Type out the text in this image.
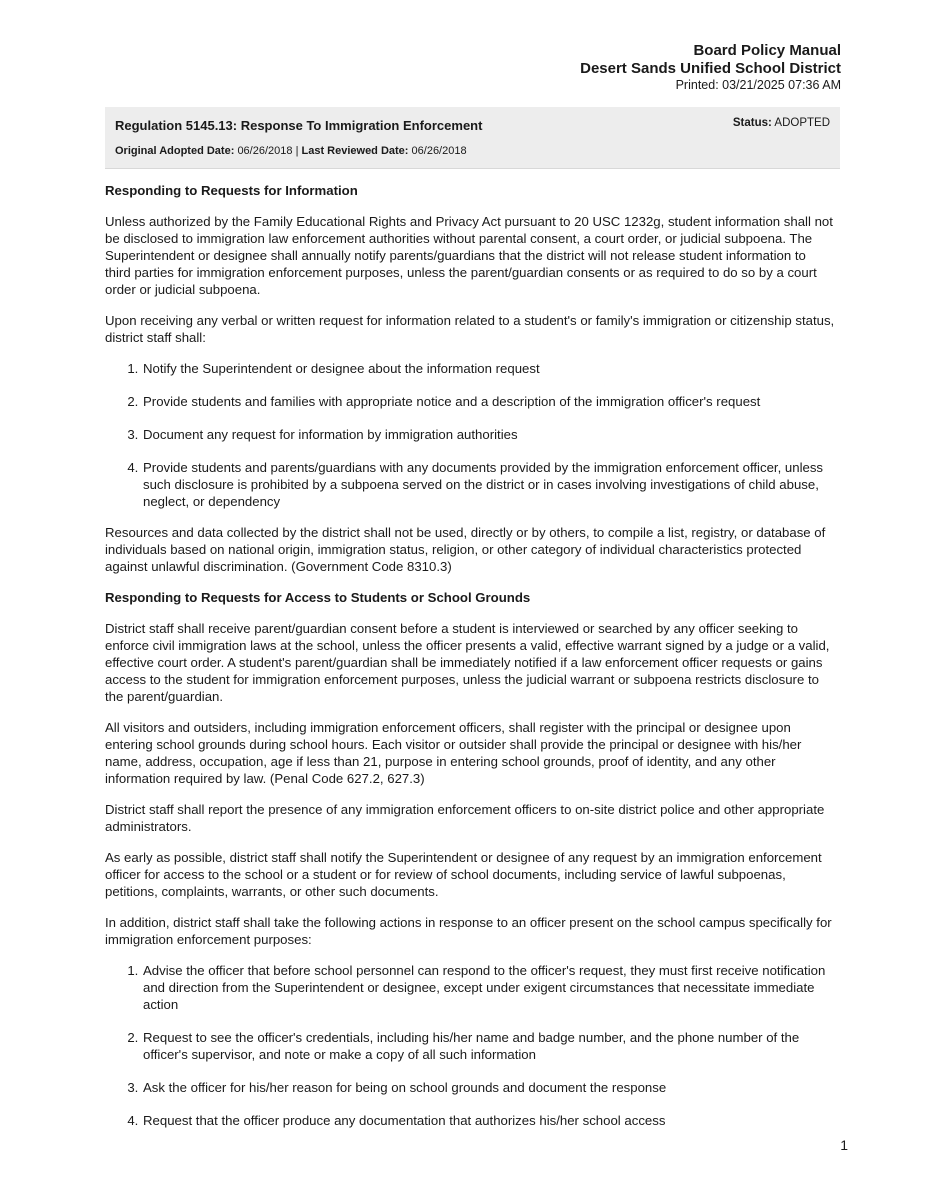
Board Policy Manual
Desert Sands Unified School District
Printed: 03/21/2025 07:36 AM
Regulation 5145.13: Response To Immigration Enforcement	Status: ADOPTED
Original Adopted Date: 06/26/2018 | Last Reviewed Date: 06/26/2018
Responding to Requests for Information

Unless authorized by the Family Educational Rights and Privacy Act pursuant to 20 USC 1232g, student information shall not be disclosed to immigration law enforcement authorities without parental consent, a court order, or judicial subpoena. The Superintendent or designee shall annually notify parents/guardians that the district will not release student information to third parties for immigration enforcement purposes, unless the parent/guardian consents or as required to do so by a court order or judicial subpoena.

Upon receiving any verbal or written request for information related to a student's or family's immigration or citizenship status, district staff shall:

1. Notify the Superintendent or designee about the information request
2. Provide students and families with appropriate notice and a description of the immigration officer's request
3. Document any request for information by immigration authorities
4. Provide students and parents/guardians with any documents provided by the immigration enforcement officer, unless such disclosure is prohibited by a subpoena served on the district or in cases involving investigations of child abuse, neglect, or dependency

Resources and data collected by the district shall not be used, directly or by others, to compile a list, registry, or database of individuals based on national origin, immigration status, religion, or other category of individual characteristics protected against unlawful discrimination. (Government Code 8310.3)

Responding to Requests for Access to Students or School Grounds

District staff shall receive parent/guardian consent before a student is interviewed or searched by any officer seeking to enforce civil immigration laws at the school, unless the officer presents a valid, effective warrant signed by a judge or a valid, effective court order. A student's parent/guardian shall be immediately notified if a law enforcement officer requests or gains access to the student for immigration enforcement purposes, unless the judicial warrant or subpoena restricts disclosure to the parent/guardian.

All visitors and outsiders, including immigration enforcement officers, shall register with the principal or designee upon entering school grounds during school hours. Each visitor or outsider shall provide the principal or designee with his/her name, address, occupation, age if less than 21, purpose in entering school grounds, proof of identity, and any other information required by law. (Penal Code 627.2, 627.3)

District staff shall report the presence of any immigration enforcement officers to on-site district police and other appropriate administrators.

As early as possible, district staff shall notify the Superintendent or designee of any request by an immigration enforcement officer for access to the school or a student or for review of school documents, including service of lawful subpoenas, petitions, complaints, warrants, or other such documents.

In addition, district staff shall take the following actions in response to an officer present on the school campus specifically for immigration enforcement purposes:

1. Advise the officer that before school personnel can respond to the officer's request, they must first receive notification and direction from the Superintendent or designee, except under exigent circumstances that necessitate immediate action
2. Request to see the officer's credentials, including his/her name and badge number, and the phone number of the officer's supervisor, and note or make a copy of all such information
3. Ask the officer for his/her reason for being on school grounds and document the response
4. Request that the officer produce any documentation that authorizes his/her school access
1
